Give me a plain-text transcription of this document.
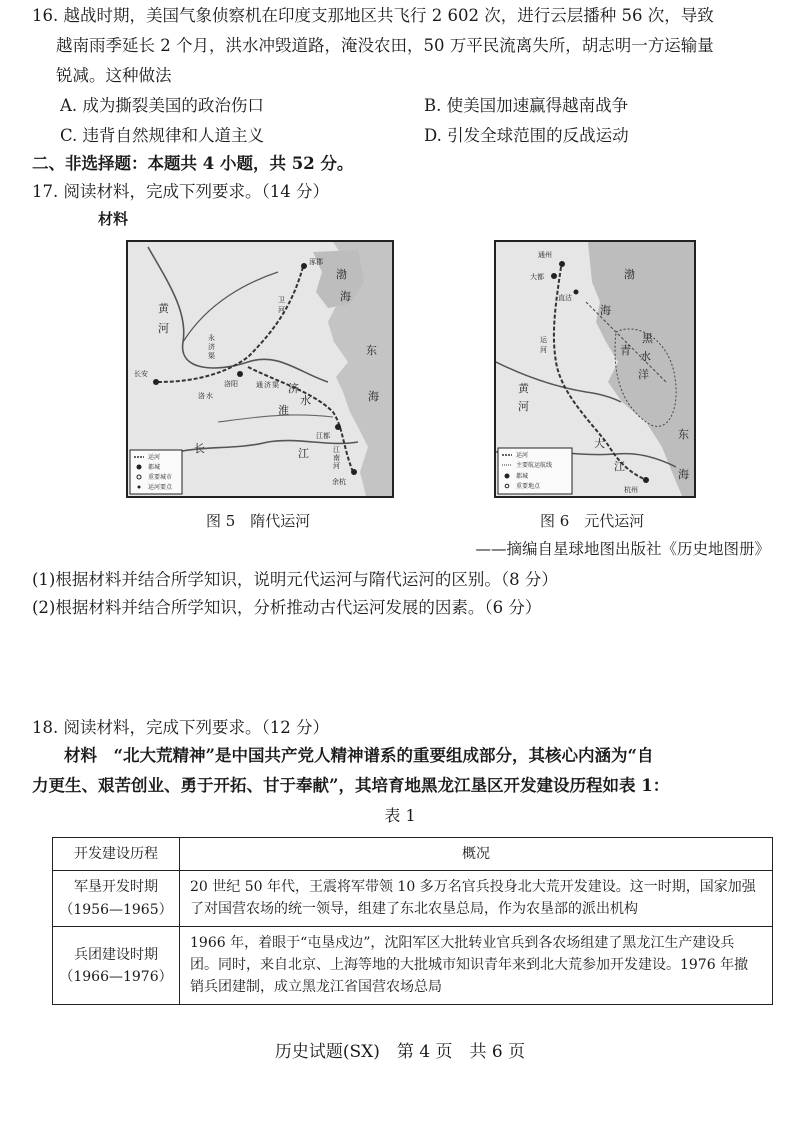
16. 越战时期，美国气象侦察机在印度支那地区共飞行 2 602 次，进行云层播种 56 次，导致
越南雨季延长 2 个月，洪水冲毁道路，淹没农田，50 万平民流离失所，胡志明一方运输量
锐减。这种做法
A. 成为撕裂美国的政治伤口	B. 使美国加速赢得越南战争
C. 违背自然规律和人道主义	D. 引发全球范围的反战运动
二、非选择题：本题共 4 小题，共 52 分。
17. 阅读材料，完成下列要求。（14 分）
材料
涿郡
长安
洛阳
江都
余杭
黄
河
渤
海
东
海
济
水
淮
长	江
洛 水
卫
河
永
济
渠
通 济 渠
江
南
河
运河
都城
重要城市
运河要点
通州
大都
直沽
杭州
渤
海
青
黑
水
洋
东
海
黄
河
大
江
运
河
运河
主要航运航线
都城
重要地点
图 5　隋代运河	图 6　元代运河
——摘编自星球地图出版社《历史地图册》
(1)根据材料并结合所学知识，说明元代运河与隋代运河的区别。（8 分）
(2)根据材料并结合所学知识，分析推动古代运河发展的因素。（6 分）
18. 阅读材料，完成下列要求。（12 分）
材料　“北大荒精神”是中国共产党人精神谱系的重要组成部分，其核心内涵为“自
力更生、艰苦创业、勇于开拓、甘于奉献”，其培育地黑龙江垦区开发建设历程如表 1：
表 1
开发建设历程	概况

军垦开发时期
（1956—1965）	20 世纪 50 年代，王震将军带领 10 多万名官兵投身北大荒开发建设。这一时期，国家加强了对国营农场的统一领导，组建了东北农垦总局，作为农垦部的派出机构

兵团建设时期
（1966—1976）	1966 年，着眼于“屯垦戍边”，沈阳军区大批转业官兵到各农场组建了黑龙江生产建设兵团。同时，来自北京、上海等地的大批城市知识青年来到北大荒参加开发建设。1976 年撤销兵团建制，成立黑龙江省国营农场总局
历史试题(SX)　第 4 页　共 6 页
